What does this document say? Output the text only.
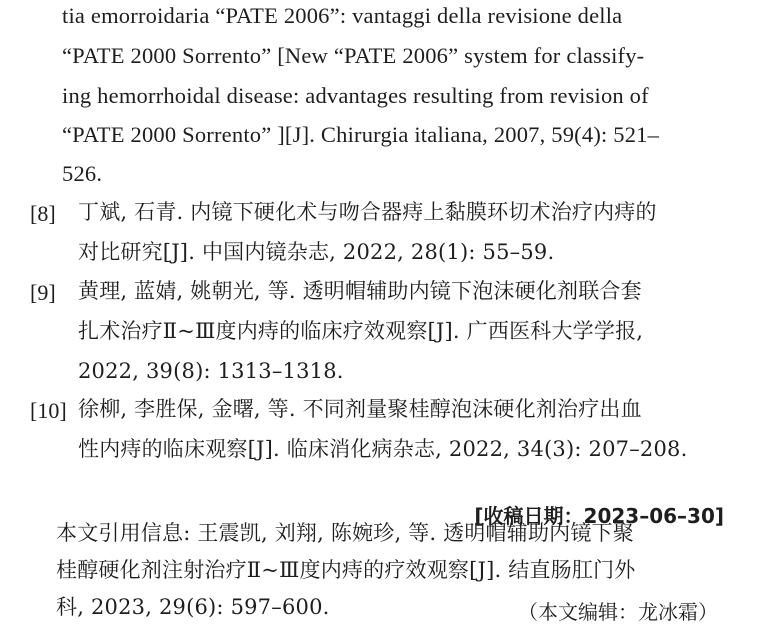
tia emorroidaria “PATE 2006”: vantaggi della revisione della
“PATE 2000 Sorrento” [New “PATE 2006” system for classify-
ing hemorrhoidal disease: advantages resulting from revision of
“PATE 2000 Sorrento” ][J]. Chirurgia italiana, 2007, 59(4): 521–
526.
[8] 丁斌, 石青. 内镜下硬化术与吻合器痔上黏膜环切术治疗内痔的
对比研究[J]. 中国内镜杂志, 2022, 28(1): 55–59.
[9] 黄理, 蓝婧, 姚朝光, 等. 透明帽辅助内镜下泡沫硬化剂联合套
扎术治疗Ⅱ~Ⅲ度内痔的临床疗效观察[J]. 广西医科大学学报,
2022, 39(8): 1313–1318.
[10] 徐柳, 李胜保, 金曙, 等. 不同剂量聚桂醇泡沫硬化剂治疗出血
性内痔的临床观察[J]. 临床消化病杂志, 2022, 34(3): 207–208.
[收稿日期：2023–06–30]
本文引用信息: 王震凯, 刘翔, 陈婉珍, 等. 透明帽辅助内镜下聚
桂醇硬化剂注射治疗Ⅱ~Ⅲ度内痔的疗效观察[J]. 结直肠肛门外
科, 2023, 29(6): 597–600.	（本文编辑：龙冰霜）
